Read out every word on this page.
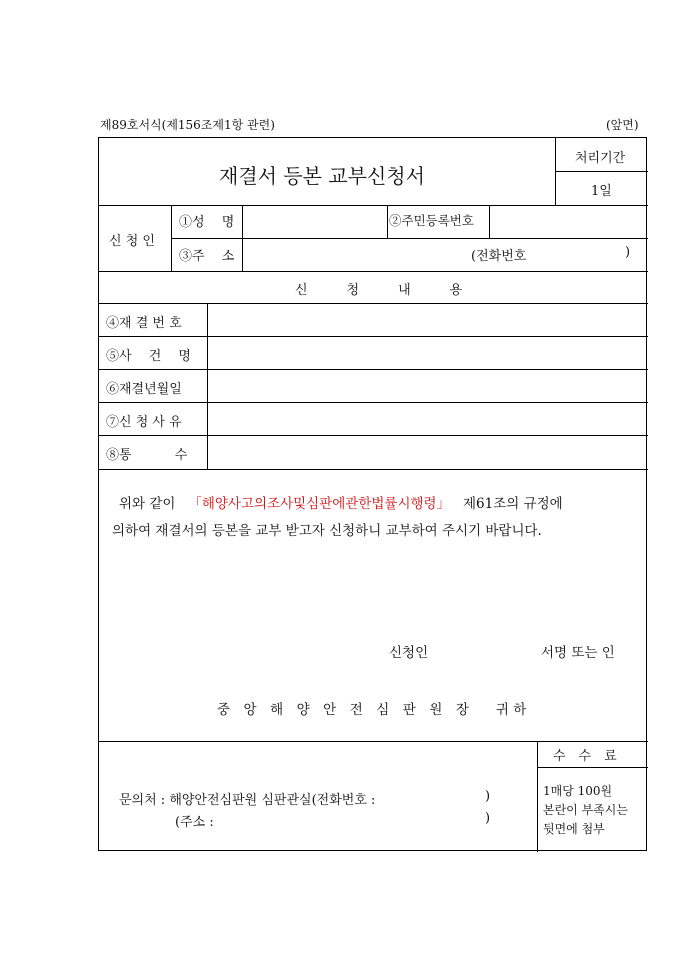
제89호서식(제156조제1항 관련)	(앞면)
재결서 등본 교부신청서
처리기간
1일
신 청 인
①성　 명	②주민등록번호
③주　 소	(전화번호	)
신　　　청　　　내　　　용
④재 결 번 호
⑤사　 건　 명
⑥재결년월일
⑦신 청 사 유
⑧통　　　 수
위와 같이 「해양사고의조사및심판에관한법률시행령」 제61조의 규정에
의하여 재결서의 등본을 교부 받고자 신청하니 교부하여 주시기 바랍니다.
신청인	서명 또는 인
중　앙　해　양　안　전　심　판　원　장　　귀 하
수　수　료
1매당 100원
본란이 부족시는
뒷면에 첨부
문의처 : 해양안전심판원 심판관실(전화번호 :	)
(주소 :	)
